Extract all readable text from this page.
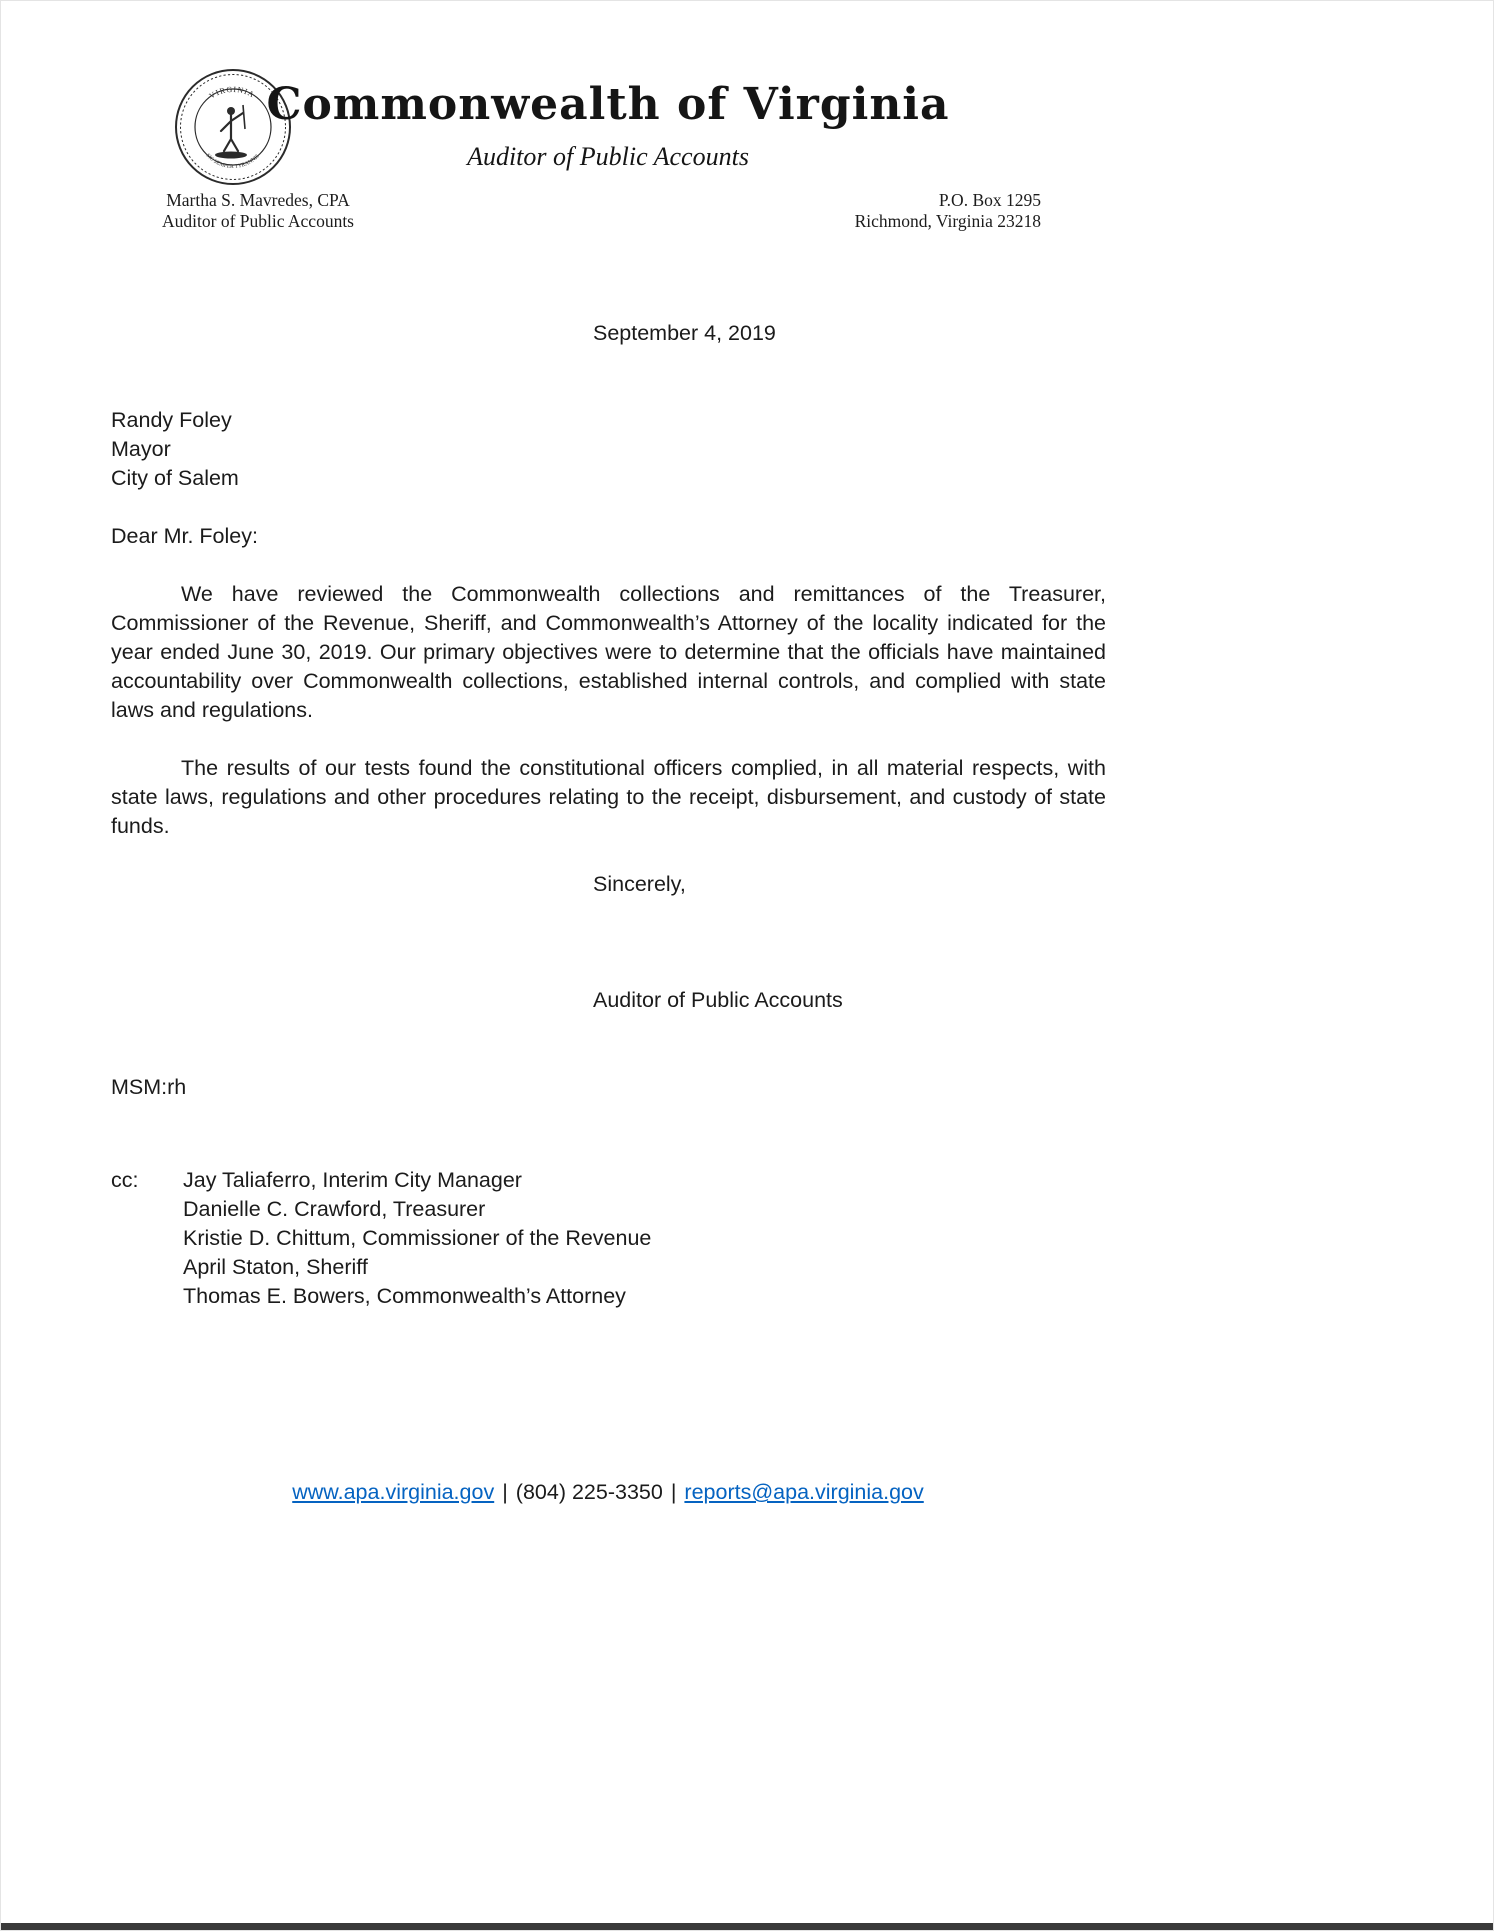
VIRGINIA
SIC SEMPER TYRANNIS
Commonwealth of Virginia
Auditor of Public Accounts
Martha S. Mavredes, CPA
Auditor of Public Accounts
P.O. Box 1295
Richmond, Virginia 23218
September 4, 2019
Randy Foley
Mayor
City of Salem
Dear Mr. Foley:

We have reviewed the Commonwealth collections and remittances of the Treasurer, Commissioner of the Revenue, Sheriff, and Commonwealth’s Attorney of the locality indicated for the year ended June 30, 2019. Our primary objectives were to determine that the officials have maintained accountability over Commonwealth collections, established internal controls, and complied with state laws and regulations.

The results of our tests found the constitutional officers complied, in all material respects, with state laws, regulations and other procedures relating to the receipt, disbursement, and custody of state funds.

Sincerely,
Auditor of Public Accounts
MSM:rh
cc:	Jay Taliaferro, Interim City Manager
Danielle C. Crawford, Treasurer
Kristie D. Chittum, Commissioner of the Revenue
April Staton, Sheriff
Thomas E. Bowers, Commonwealth’s Attorney
www.apa.virginia.gov | (804) 225-3350 | reports@apa.virginia.gov
